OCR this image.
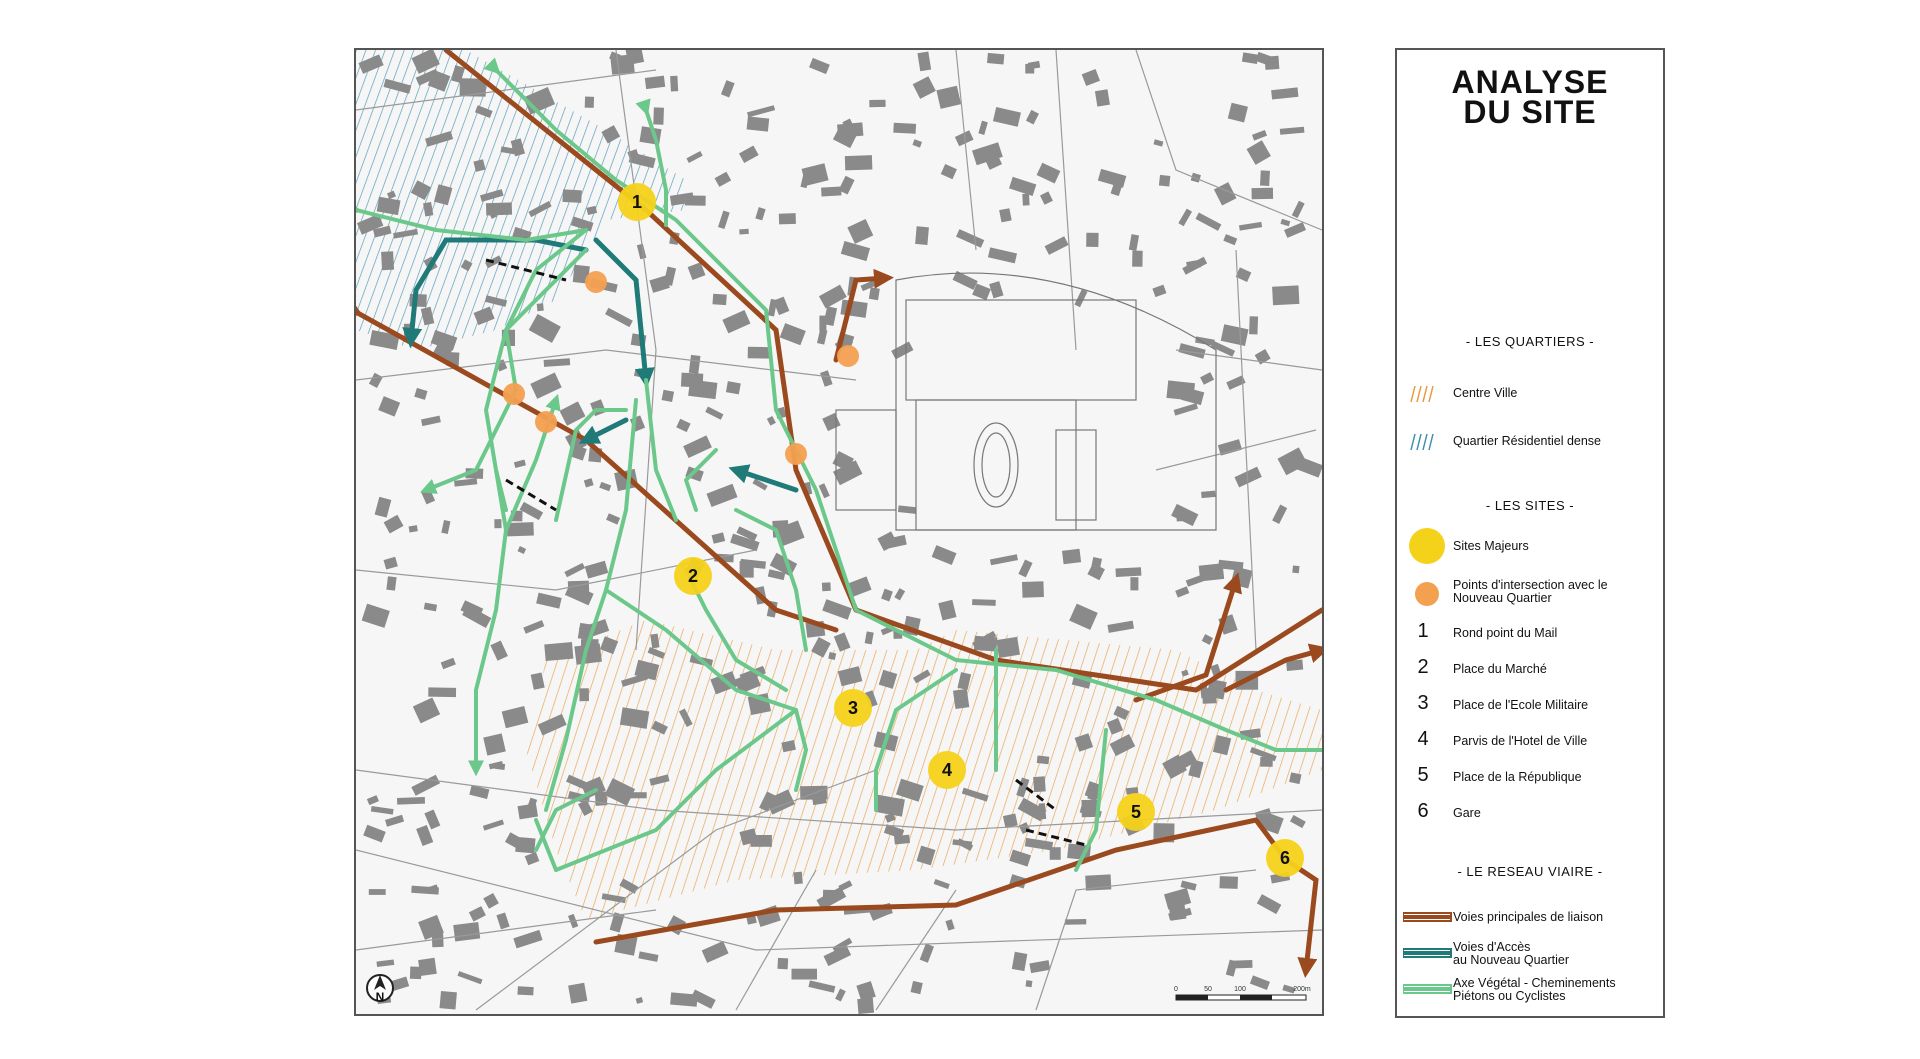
1
2
3
4
5
6
N
0	50	100	200m
ANALYSE
DU SITE
- LES QUARTIERS -
Centre Ville
Quartier Résidentiel dense
- LES SITES -
Sites Majeurs
Points d'intersection avec le
Nouveau Quartier
1	Rond point du Mail
2	Place du Marché
3	Place de l'Ecole Militaire
4	Parvis de l'Hotel de Ville
5	Place de la République
6	Gare
- LE RESEAU VIAIRE -
Voies principales de liaison
Voies d'Accès
au Nouveau Quartier
Axe Végétal - Cheminements
Piétons ou Cyclistes
